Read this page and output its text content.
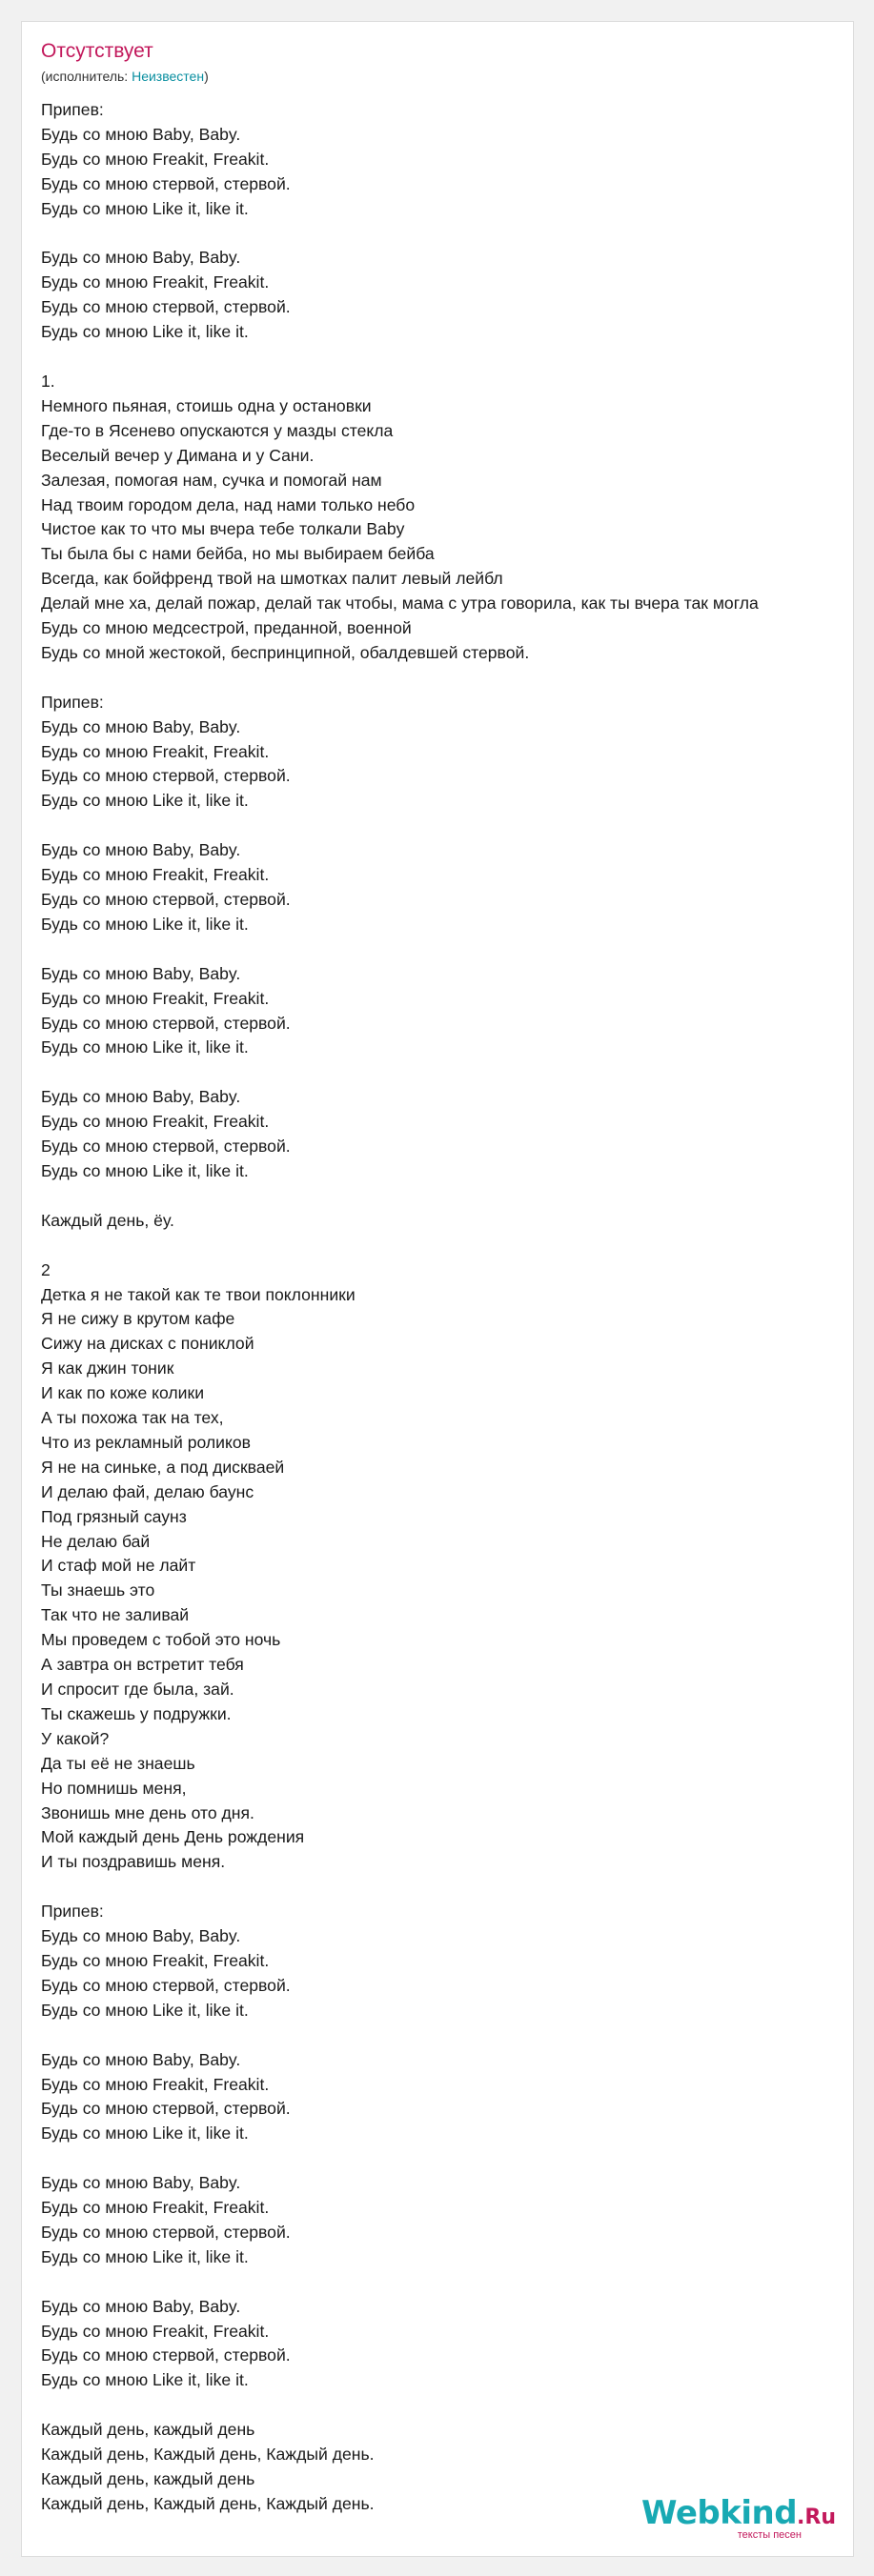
Отсутствует
(исполнитель: Неизвестен)
Припев:
Будь со мною Baby, Baby.
Будь со мною Freakit, Freakit.
Будь со мною стервой, стервой.
Будь со мною Like it, like it.

Будь со мною Baby, Baby.
Будь со мною Freakit, Freakit.
Будь со мною стервой, стервой.
Будь со мною Like it, like it.

1.
Немного пьяная, стоишь одна у остановки
Где-то в Ясенево опускаются у мазды стекла
Веселый вечер у Димана и у Сани.
Залезая, помогая нам, сучка и помогай нам
Над твоим городом дела, над нами только небо
Чистое как то что мы вчера тебе толкали Baby
Ты была бы с нами бейба, но мы выбираем бейба
Всегда, как бойфренд твой на шмотках палит левый лейбл
Делай мне ха, делай пожар, делай так чтобы, мама с утра говорила, как ты вчера так могла
Будь со мною медсестрой, преданной, военной
Будь со мной жестокой, беспринципной, обалдевшей стервой.

Припев:
Будь со мною Baby, Baby.
Будь со мною Freakit, Freakit.
Будь со мною стервой, стервой.
Будь со мною Like it, like it.

Будь со мною Baby, Baby.
Будь со мною Freakit, Freakit.
Будь со мною стервой, стервой.
Будь со мною Like it, like it.

Будь со мною Baby, Baby.
Будь со мною Freakit, Freakit.
Будь со мною стервой, стервой.
Будь со мною Like it, like it.

Будь со мною Baby, Baby.
Будь со мною Freakit, Freakit.
Будь со мною стервой, стервой.
Будь со мною Like it, like it.

Каждый день, ёу.

2
Детка я не такой как те твои поклонники
Я не сижу в крутом кафе
Сижу на дисках с пониклой
Я как джин тоник
И как по коже колики
А ты похожа так на тех,
Что из рекламный роликов
Я не на синьке, а под дискваей
И делаю фай, делаю баунс
Под грязный саунз
Не делаю бай
И стаф мой не лайт
Ты знаешь это
Так что не заливай
Мы проведем с тобой это ночь
А завтра он встретит тебя
И спросит где была, зай.
Ты скажешь у подружки.
У какой?
Да ты её не знаешь
Но помнишь меня,
Звонишь мне день ото дня.
Мой каждый день День рождения
И ты поздравишь меня.

Припев:
Будь со мною Baby, Baby.
Будь со мною Freakit, Freakit.
Будь со мною стервой, стервой.
Будь со мною Like it, like it.

Будь со мною Baby, Baby.
Будь со мною Freakit, Freakit.
Будь со мною стервой, стервой.
Будь со мною Like it, like it.

Будь со мною Baby, Baby.
Будь со мною Freakit, Freakit.
Будь со мною стервой, стервой.
Будь со мною Like it, like it.

Будь со мною Baby, Baby.
Будь со мною Freakit, Freakit.
Будь со мною стервой, стервой.
Будь со мною Like it, like it.

Каждый день, каждый день
Каждый день, Каждый день, Каждый день.
Каждый день, каждый день
Каждый день, Каждый день, Каждый день.	Webkind.Ru
тексты песен
